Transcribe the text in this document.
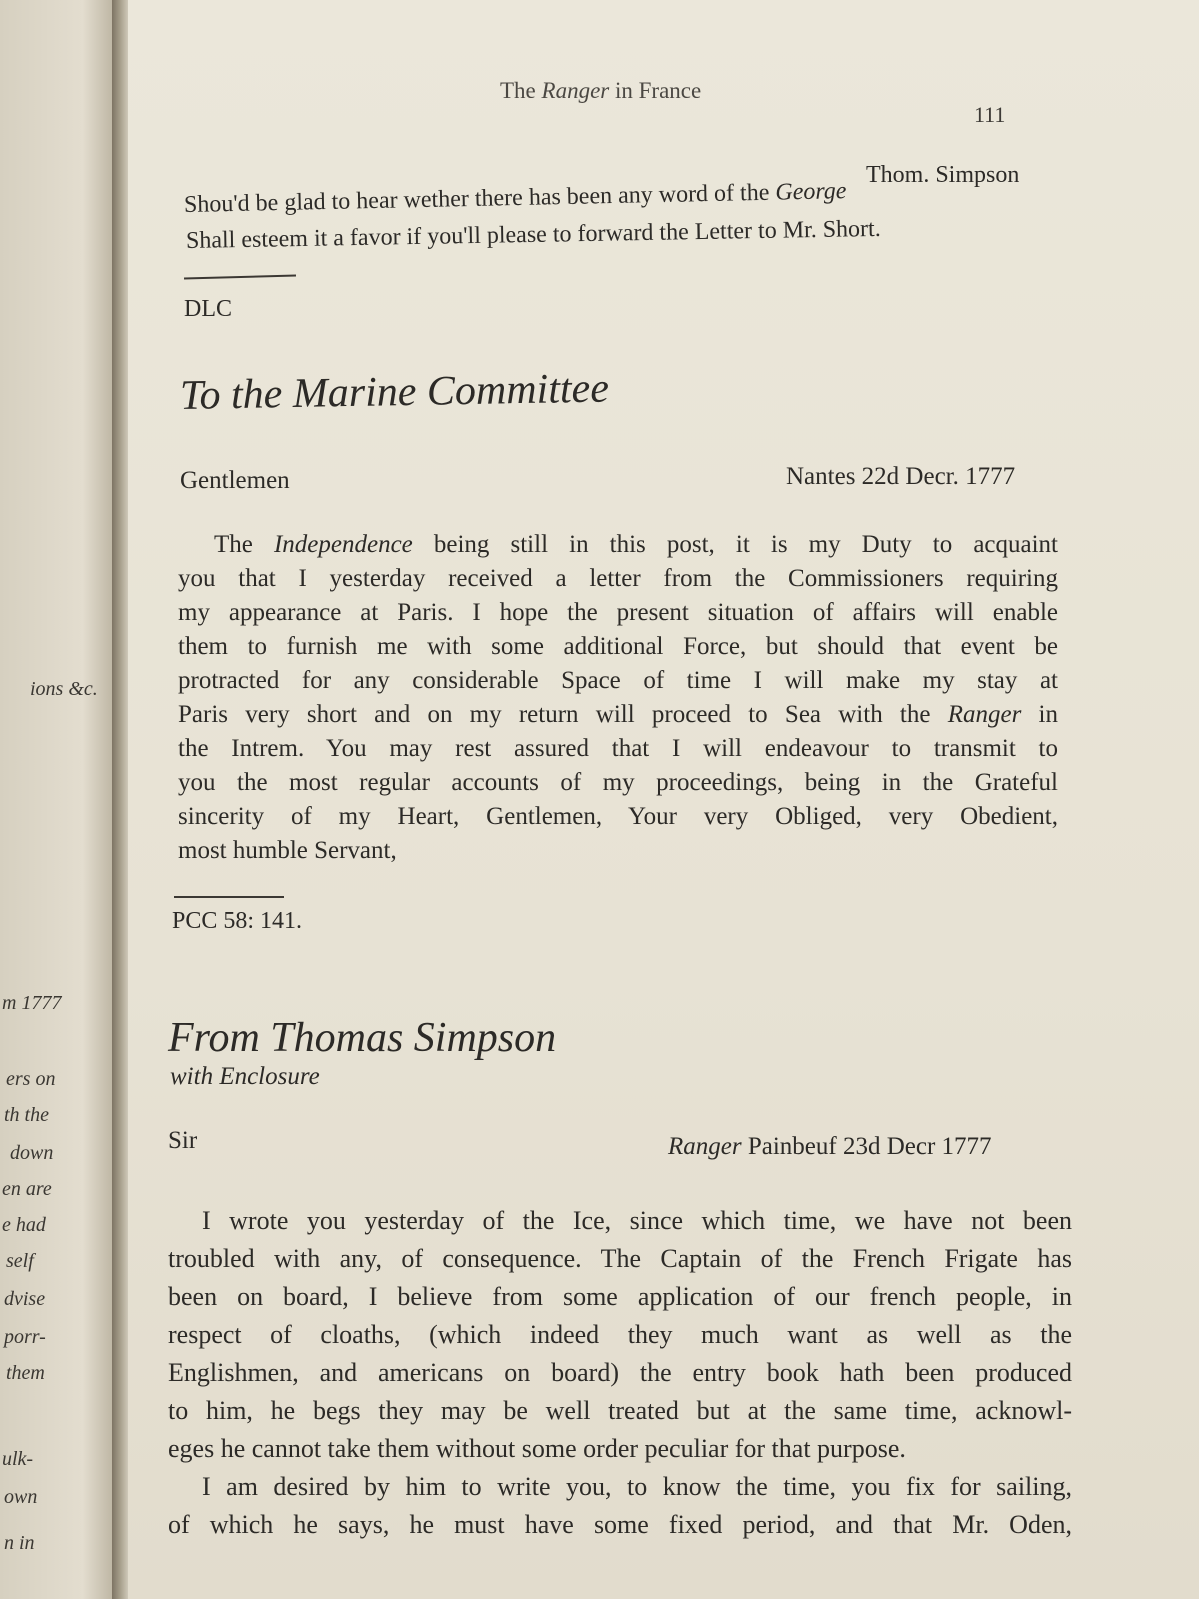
ions &c.
m 1777
ers on
th the
down
en are
e had
self
dvise
porr-
them
ulk-
own
n in
The Ranger in France
111
Thom. Simpson
Shou'd be glad to hear wether there has been any word of the George
Shall esteem it a favor if you'll please to forward the Letter to Mr. Short.
DLC
To the Marine Committee
Gentlemen	Nantes 22d Decr. 1777
The Independence being still in this post, it is my Duty to acquaint
you that I yesterday received a letter from the Commissioners requiring
my appearance at Paris. I hope the present situation of affairs will enable
them to furnish me with some additional Force, but should that event be
protracted for any considerable Space of time I will make my stay at
Paris very short and on my return will proceed to Sea with the Ranger in
the Intrem. You may rest assured that I will endeavour to transmit to
you the most regular accounts of my proceedings, being in the Grateful
sincerity of my Heart, Gentlemen, Your very Obliged, very Obedient,
most humble Servant,
PCC 58: 141.
From Thomas Simpson
with Enclosure
Sir	Ranger Painbeuf 23d Decr 1777
I wrote you yesterday of the Ice, since which time, we have not been
troubled with any, of consequence. The Captain of the French Frigate has
been on board, I believe from some application of our french people, in
respect of cloaths, (which indeed they much want as well as the
Englishmen, and americans on board) the entry book hath been produced
to him, he begs they may be well treated but at the same time, acknowl-
eges he cannot take them without some order peculiar for that purpose.
I am desired by him to write you, to know the time, you fix for sailing,
of which he says, he must have some fixed period, and that Mr. Oden,
